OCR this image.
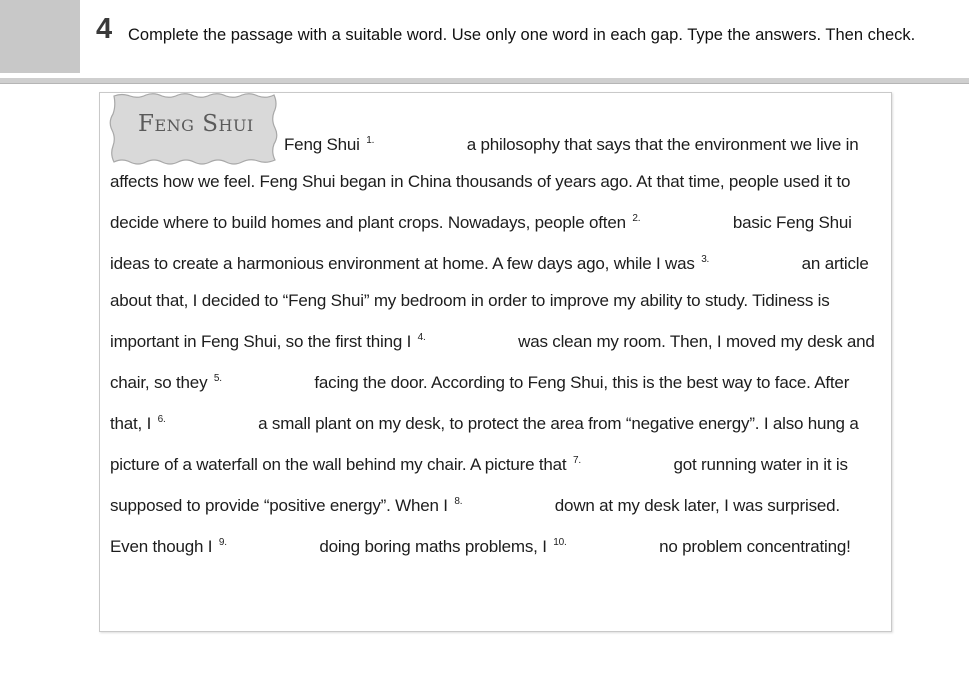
4 Complete the passage with a suitable word. Use only one word in each gap. Type the answers. Then check.
Feng Shui
Feng Shui $^{1.}$	a philosophy that says that the environment we live in affects how we feel. Feng Shui began in China thousands of years ago. At that time, people used it to decide where to build homes and plant crops. Nowadays, people often $^{2.}$	basic Feng Shui ideas to create a harmonious environment at home. A few days ago, while I was $^{3.}$	an article about that, I decided to “Feng Shui” my bedroom in order to improve my ability to study. Tidiness is important in Feng Shui, so the first thing I $^{4.}$	was clean my room. Then, I moved my desk and chair, so they $^{5.}$	facing the door. According to Feng Shui, this is the best way to face. After that, I $^{6.}$	a small plant on my desk, to protect the area from “negative energy”. I also hung a picture of a waterfall on the wall behind my chair. A picture that $^{7.}$	got running water in it is supposed to provide “positive energy”. When I $^{8.}$	down at my desk later, I was surprised. Even though I $^{9.}$	doing boring maths problems, I $^{10.}$	no problem concentrating!
